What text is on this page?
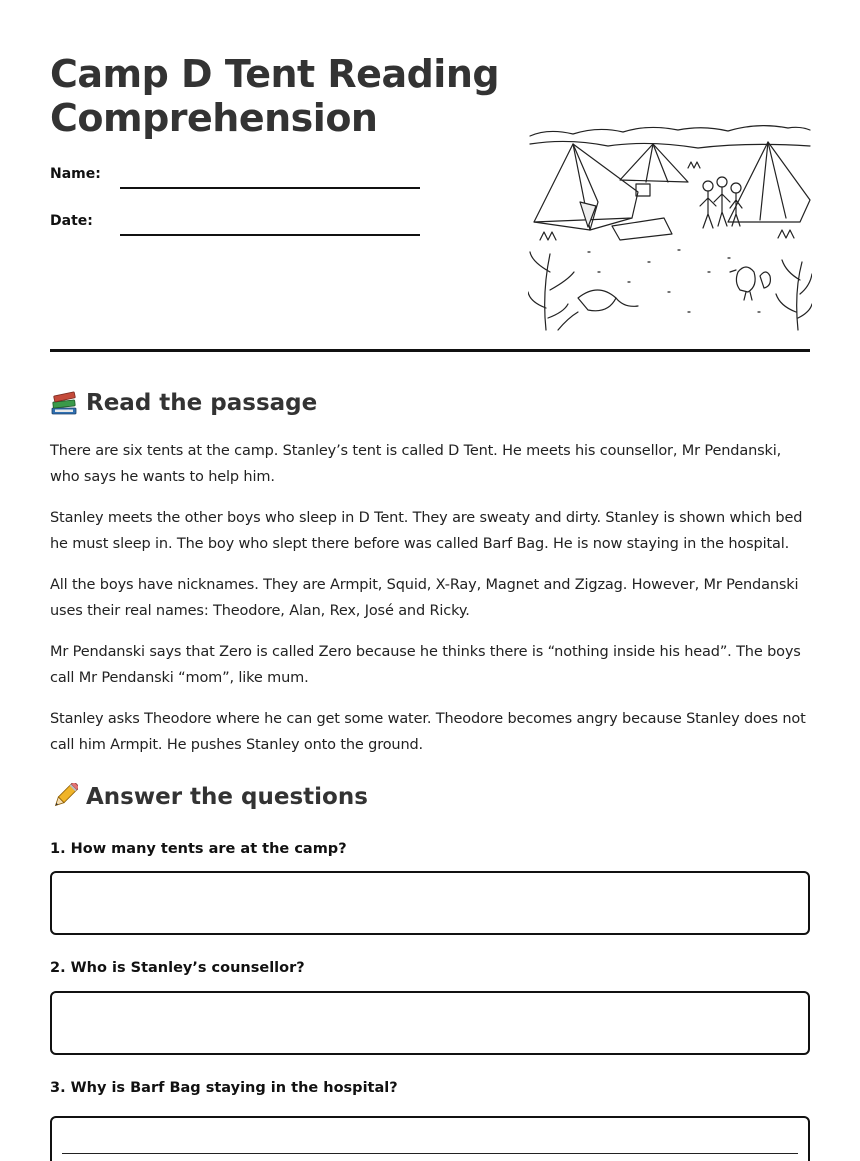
Camp D Tent Reading
Comprehension
Name:
Date:
Read the passage

There are six tents at the camp. Stanley’s tent is called D Tent. He meets his counsellor, Mr Pendanski, who says he wants to help him.

Stanley meets the other boys who sleep in D Tent. They are sweaty and dirty. Stanley is shown which bed he must sleep in. The boy who slept there before was called Barf Bag. He is now staying in the hospital.

All the boys have nicknames. They are Armpit, Squid, X-Ray, Magnet and Zigzag. However, Mr Pendanski uses their real names: Theodore, Alan, Rex, José and Ricky.

Mr Pendanski says that Zero is called Zero because he thinks there is “nothing inside his head”. The boys call Mr Pendanski “mom”, like mum.

Stanley asks Theodore where he can get some water. Theodore becomes angry because Stanley does not call him Armpit. He pushes Stanley onto the ground.

Answer the questions
1. How many tents are at the camp?
2. Who is Stanley’s counsellor?
3. Why is Barf Bag staying in the hospital?
